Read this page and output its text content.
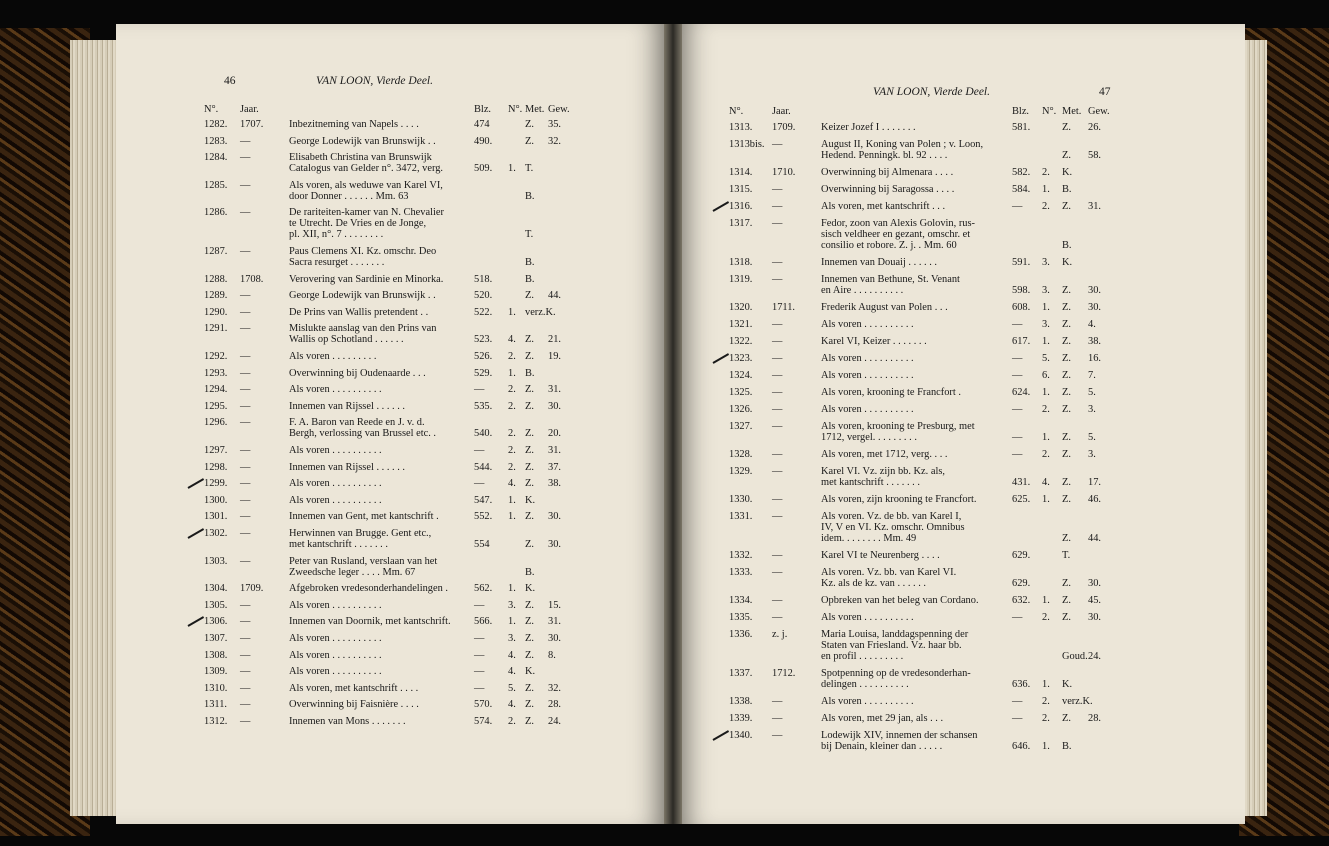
46	VAN LOON, Vierde Deel.
N°. Jaar.	Blz. N°. Met. Gew.
1282. 1707. Inbezitneming van Napels . . . .	474	Z. 35.
1283. —	George Lodewijk van Brunswijk . .	490.	Z. 32.
1284. —	Elisabeth Christina van Brunswijk
Catalogus van Gelder n°. 3472, verg.	509. 1. T.
1285. —	Als voren, als weduwe van Karel VI,
door Donner . . . . . . Mm. 63	B.
1286. —	De rariteiten-kamer van N. Chevalier
te Utrecht. De Vries en de Jonge,
pl. XII, n°. 7 . . . . . . . .	T.
1287. —	Paus Clemens XI. Kz. omschr. Deo
Sacra resurget . . . . . . .	B.
1288. 1708. Verovering van Sardinie en Minorka.	518.	B.
1289. —	George Lodewijk van Brunswijk . .	520.	Z. 44.
1290. —	De Prins van Wallis pretendent . .	522. 1. verz.K.
1291. —	Mislukte aanslag van den Prins van
Wallis op Schotland . . . . . .	523. 4. Z. 21.
1292. —	Als voren . . . . . . . . .	526. 2. Z. 19.
1293. —	Overwinning bij Oudenaarde . . .	529. 1. B.
1294. —	Als voren . . . . . . . . . .	— 2. Z. 31.
1295. —	Innemen van Rijssel . . . . . .	535. 2. Z. 30.
1296. —	F. A. Baron van Reede en J. v. d.
Bergh, verlossing van Brussel etc. .	540. 2. Z. 20.
1297. —	Als voren . . . . . . . . . .	— 2. Z. 31.
1298. —	Innemen van Rijssel . . . . . .	544. 2. Z. 37.
1299. —	Als voren . . . . . . . . . .	— 4. Z. 38.
1300. —	Als voren . . . . . . . . . .	547. 1. K.
1301. —	Innemen van Gent, met kantschrift .	552. 1. Z. 30.
1302. —	Herwinnen van Brugge. Gent etc.,
met kantschrift . . . . . . .	554	Z. 30.
1303. —	Peter van Rusland, verslaan van het
Zweedsche leger . . . . Mm. 67	B.
1304. 1709. Afgebroken vredesonderhandelingen .	562. 1. K.
1305. —	Als voren . . . . . . . . . .	— 3. Z. 15.
1306. —	Innemen van Doornik, met kantschrift. 566. 1. Z. 31.
1307. —	Als voren . . . . . . . . . .	— 3. Z. 30.
1308. —	Als voren . . . . . . . . . .	— 4. Z. 8.
1309. —	Als voren . . . . . . . . . .	— 4. K.
1310. —	Als voren, met kantschrift . . . .	— 5. Z. 32.
1311. —	Overwinning bij Faisnière . . . .	570. 4. Z. 28.
1312. —	Innemen van Mons . . . . . . .	574. 2. Z. 24.
47
VAN LOON, Vierde Deel.
N°.	Jaar.	Blz. N°. Met. Gew.
1313. 1709. Keizer Jozef I . . . . . . .	581.	Z. 26.
1313bis. —	August II, Koning van Polen ; v. Loon,
Hedend. Penningk. bl. 92 . . . .	Z. 58.
1314. 1710. Overwinning bij Almenara . . . .	582. 2. K.
1315. —	Overwinning bij Saragossa . . . .	584. 1. B.
1316. —	Als voren, met kantschrift . . .	— 2. Z. 31.
1317. —	Fedor, zoon van Alexis Golovin, rus-
sisch veldheer en gezant, omschr. et
consilio et robore. Z. j. . Mm. 60	B.
1318. —	Innemen van Douaij . . . . . .	591. 3. K.
1319. —	Innemen van Bethune, St. Venant
en Aire . . . . . . . . . .	598. 3. Z. 30.
1320. 1711.	Frederik August van Polen . . .	608. 1. Z. 30.
1321. —	Als voren . . . . . . . . . .	— 3. Z. 4.
1322. —	Karel VI, Keizer . . . . . . .	617. 1. Z. 38.
1323. —	Als voren . . . . . . . . . .	— 5. Z. 16.
1324. —	Als voren . . . . . . . . . .	— 6. Z. 7.
1325. —	Als voren, krooning te Francfort .	624. 1. Z. 5.
1326. —	Als voren . . . . . . . . . .	— 2. Z. 3.
1327. —	Als voren, krooning te Presburg, met
1712, vergel. . . . . . . . .	— 1. Z. 5.
1328. —	Als voren, met 1712, verg. . . .	— 2. Z. 3.
1329. —	Karel VI. Vz. zijn bb. Kz. als,
met kantschrift . . . . . . .	431. 4. Z. 17.
1330. —	Als voren, zijn krooning te Francfort.	625. 1. Z. 46.
1331. —	Als voren. Vz. de bb. van Karel I,
IV, V en VI. Kz. omschr. Omnibus
idem. . . . . . . . Mm. 49	Z. 44.
1332. —	Karel VI te Neurenberg . . . .	629.	T.
1333. —	Als voren. Vz. bb. van Karel VI.
Kz. als de kz. van . . . . . .	629.	Z. 30.
1334. —	Opbreken van het beleg van Cordano.	632. 1. Z. 45.
1335. —	Als voren . . . . . . . . . .	— 2. Z. 30.
1336. z. j.	Maria Louisa, landdagspenning der
Staten van Friesland. Vz. haar bb.
en profil . . . . . . . . .	Goud. 24.
1337. 1712. Spotpenning op de vredesonderhan-
delingen . . . . . . . . . .	636. 1. K.
1338. —	Als voren . . . . . . . . . .	— 2. verz.K.
1339. —	Als voren, met 29 jan, als . . .	— 2. Z. 28.
1340. —	Lodewijk XIV, innemen der schansen
bij Denain, kleiner dan . . . . .	646. 1. B.
